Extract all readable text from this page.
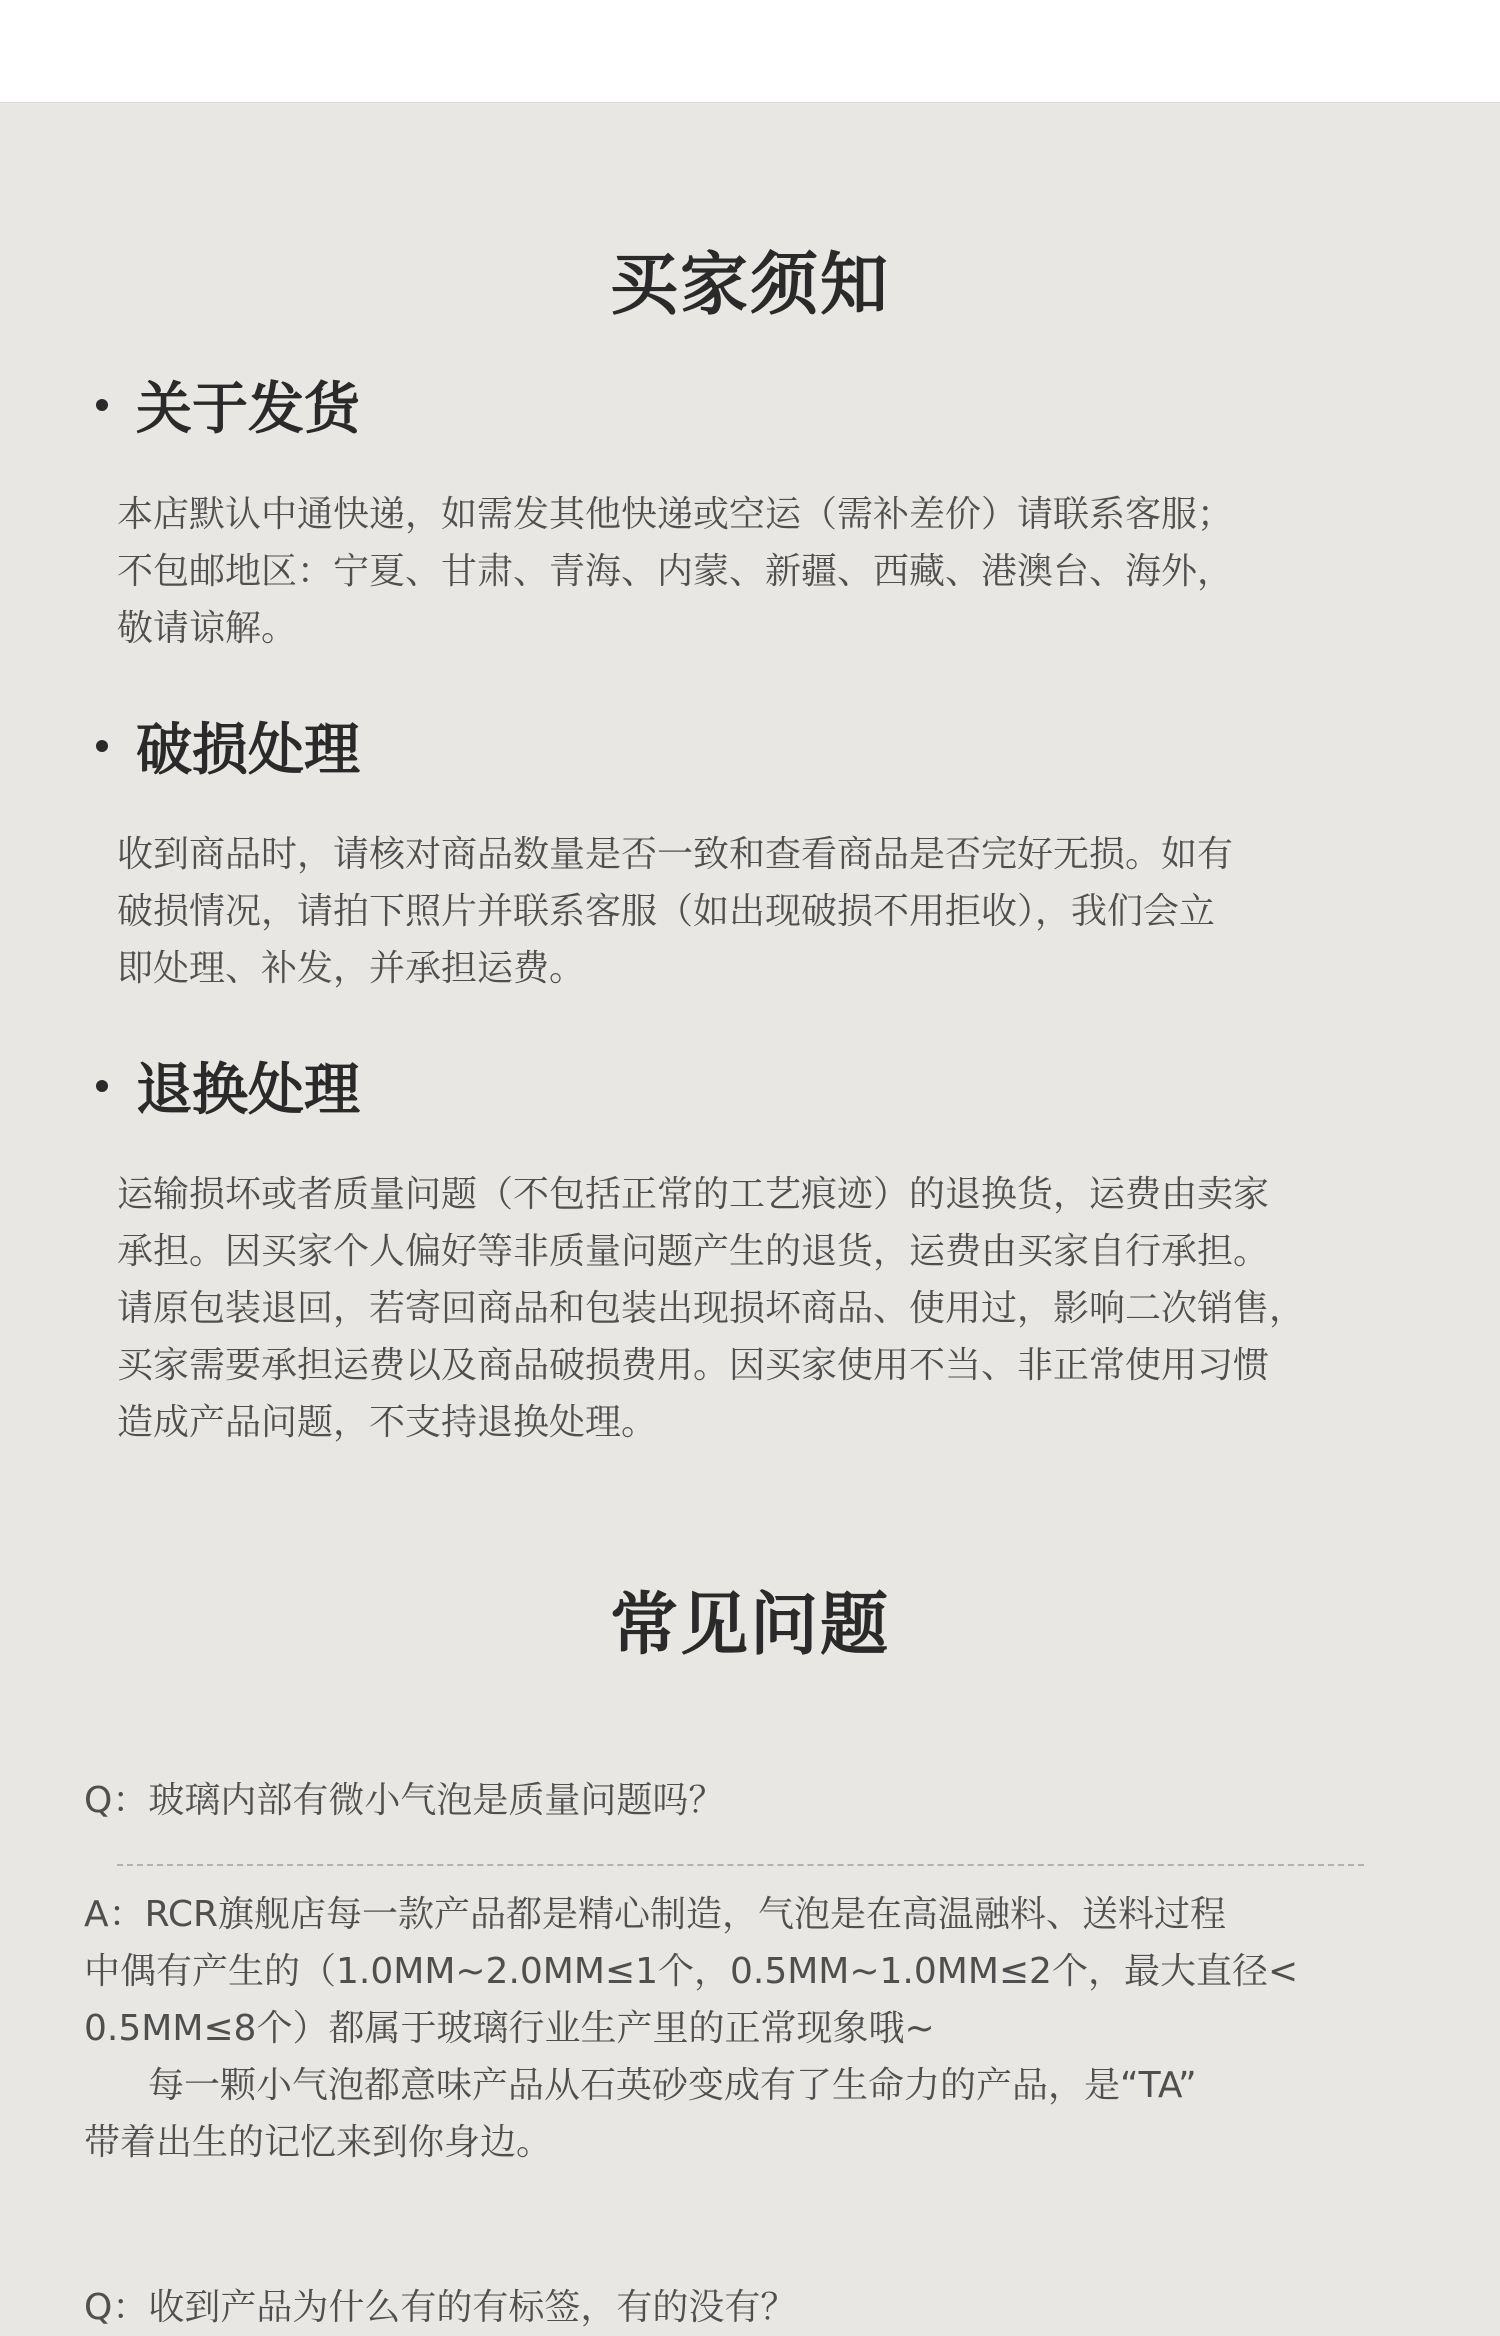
买家须知
关于发货

本店默认中通快递，如需发其他快递或空运（需补差价）请联系客服；
不包邮地区：宁夏、甘肃、青海、内蒙、新疆、西藏、港澳台、海外，
敬请谅解。

破损处理

收到商品时，请核对商品数量是否一致和查看商品是否完好无损。如有
破损情况，请拍下照片并联系客服（如出现破损不用拒收），我们会立
即处理、补发，并承担运费。

退换处理

运输损坏或者质量问题（不包括正常的工艺痕迹）的退换货，运费由卖家
承担。因买家个人偏好等非质量问题产生的退货，运费由买家自行承担。
请原包装退回，若寄回商品和包装出现损坏商品、使用过，影响二次销售，
买家需要承担运费以及商品破损费用。因买家使用不当、非正常使用习惯
造成产品问题，不支持退换处理。

常见问题
Q：玻璃内部有微小气泡是质量问题吗？

A：RCR旗舰店每一款产品都是精心制造，气泡是在高温融料、送料过程
中偶有产生的（1.0MM~2.0MM≤1个，0.5MM~1.0MM≤2个，最大直径<
0.5MM≤8个）都属于玻璃行业生产里的正常现象哦~
每一颗小气泡都意味产品从石英砂变成有了生命力的产品，是“TA”
带着出生的记忆来到你身边。

Q：收到产品为什么有的有标签，有的没有？
